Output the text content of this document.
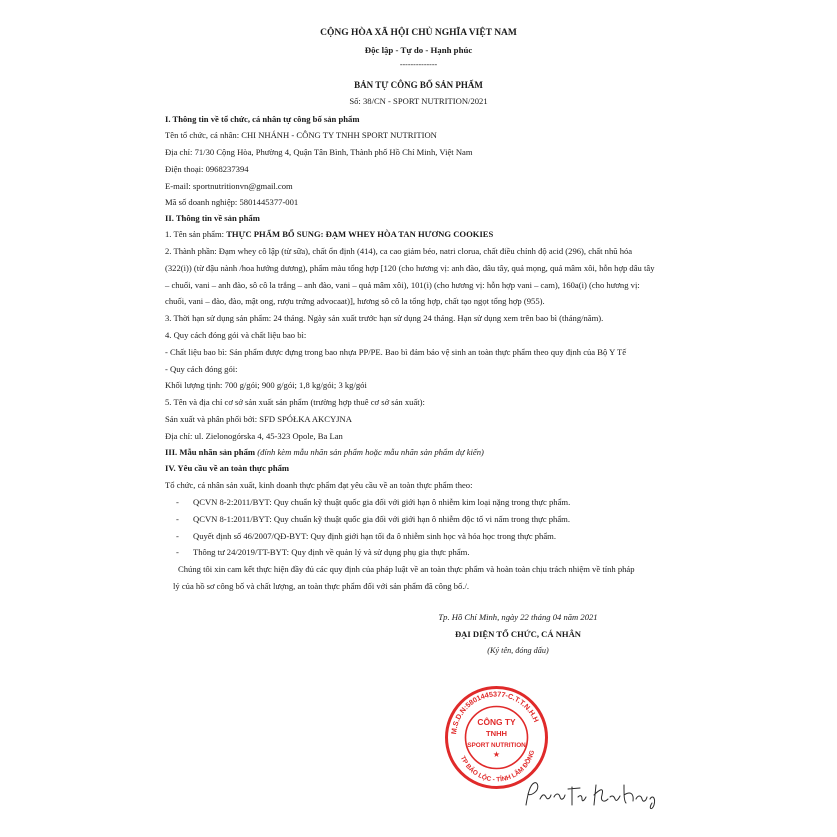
CỘNG HÒA XÃ HỘI CHỦ NGHĨA VIỆT NAM
Độc lập - Tự do - Hạnh phúc
--------------
BẢN TỰ CÔNG BỐ SẢN PHẨM
Số: 38/CN - SPORT NUTRITION/2021
I. Thông tin về tổ chức, cá nhân tự công bố sản phẩm
Tên tổ chức, cá nhân: CHI NHÁNH - CÔNG TY TNHH SPORT NUTRITION
Địa chỉ: 71/30 Cộng Hòa, Phường 4, Quận Tân Bình, Thành phố Hồ Chí Minh, Việt Nam
Điện thoại: 0968237394
E-mail: sportnutritionvn@gmail.com
Mã số doanh nghiệp: 5801445377-001
II. Thông tin về sản phẩm
1. Tên sản phẩm: THỰC PHẨM BỔ SUNG: ĐẠM WHEY HÒA TAN HƯƠNG COOKIES
2. Thành phần: Đạm whey cô lập (từ sữa), chất ổn định (414), ca cao giảm béo, natri clorua, chất điều chỉnh độ acid (296), chất nhũ hóa
(322(i)) (từ đậu nành /hoa hướng dương), phẩm màu tổng hợp [120 (cho hương vị: anh đào, dâu tây, quả mọng, quả mâm xôi, hỗn hợp dâu tây
– chuối, vani – anh đào, sô cô la trắng – anh đào, vani – quả mâm xôi), 101(i) (cho hương vị: hỗn hợp vani – cam), 160a(i) (cho hương vị:
chuối, vani – đào, đào, mật ong, rượu trứng advocaat)], hương sô cô la tổng hợp, chất tạo ngọt tổng hợp (955).
3. Thời hạn sử dụng sản phẩm: 24 tháng. Ngày sản xuất trước hạn sử dụng 24 tháng. Hạn sử dụng xem trên bao bì (tháng/năm).
4. Quy cách đóng gói và chất liệu bao bì:
- Chất liệu bao bì: Sản phẩm được đựng trong bao nhựa PP/PE. Bao bì đảm bảo vệ sinh an toàn thực phẩm theo quy định của Bộ Y Tế
- Quy cách đóng gói:
Khối lượng tịnh: 700 g/gói; 900 g/gói; 1,8 kg/gói; 3 kg/gói
5. Tên và địa chỉ cơ sở sản xuất sản phẩm (trường hợp thuê cơ sở sản xuất):
Sản xuất và phân phối bởi: SFD SPÓŁKA AKCYJNA
Địa chỉ: ul. Zielonogórska 4, 45-323 Opole, Ba Lan
III. Mẫu nhãn sản phẩm (đính kèm mẫu nhãn sản phẩm hoặc mẫu nhãn sản phẩm dự kiến)
IV. Yêu cầu về an toàn thực phẩm
Tổ chức, cá nhân sản xuất, kinh doanh thực phẩm đạt yêu cầu về an toàn thực phẩm theo:
- QCVN 8-2:2011/BYT: Quy chuẩn kỹ thuật quốc gia đối với giới hạn ô nhiễm kim loại nặng trong thực phẩm.
- QCVN 8-1:2011/BYT: Quy chuẩn kỹ thuật quốc gia đối với giới hạn ô nhiễm độc tố vi nấm trong thực phẩm.
- Quyết định số 46/2007/QĐ-BYT: Quy định giới hạn tối đa ô nhiễm sinh học và hóa học trong thực phẩm.
- Thông tư 24/2019/TT-BYT: Quy định về quản lý và sử dụng phụ gia thực phẩm.
Chúng tôi xin cam kết thực hiện đầy đủ các quy định của pháp luật về an toàn thực phẩm và hoàn toàn chịu trách nhiệm về tính pháp
lý của hồ sơ công bố và chất lượng, an toàn thực phẩm đối với sản phẩm đã công bố./.
Tp. Hồ Chí Minh, ngày 22 tháng 04 năm 2021
ĐẠI DIỆN TỔ CHỨC, CÁ NHÂN
(Ký tên, đóng dấu)
M.S.D.N:5801445377-C.T.T.N.H.H
TP BẢO LỘC - TỈNH LÂM ĐỒNG
CÔNG TY
TNHH
SPORT NUTRITION
★
